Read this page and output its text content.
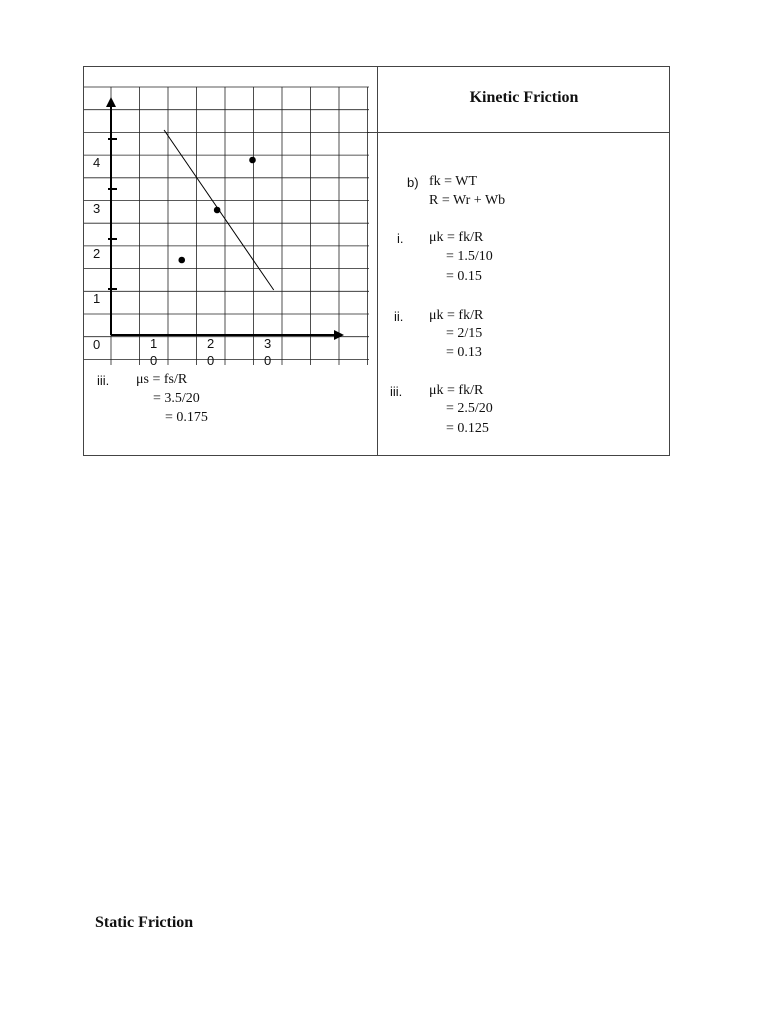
4
3
2
1
0	1
0
2
0
3
0
iii. μs = fs/R
= 3.5/20
= 0.175
Kinetic Friction
b) fk = WT
R = Wr + Wb
i. μk = fk/R
= 1.5/10
= 0.15
ii. μk = fk/R
= 2/15
= 0.13
iii. μk = fk/R
= 2.5/20
= 0.125
Static Friction
